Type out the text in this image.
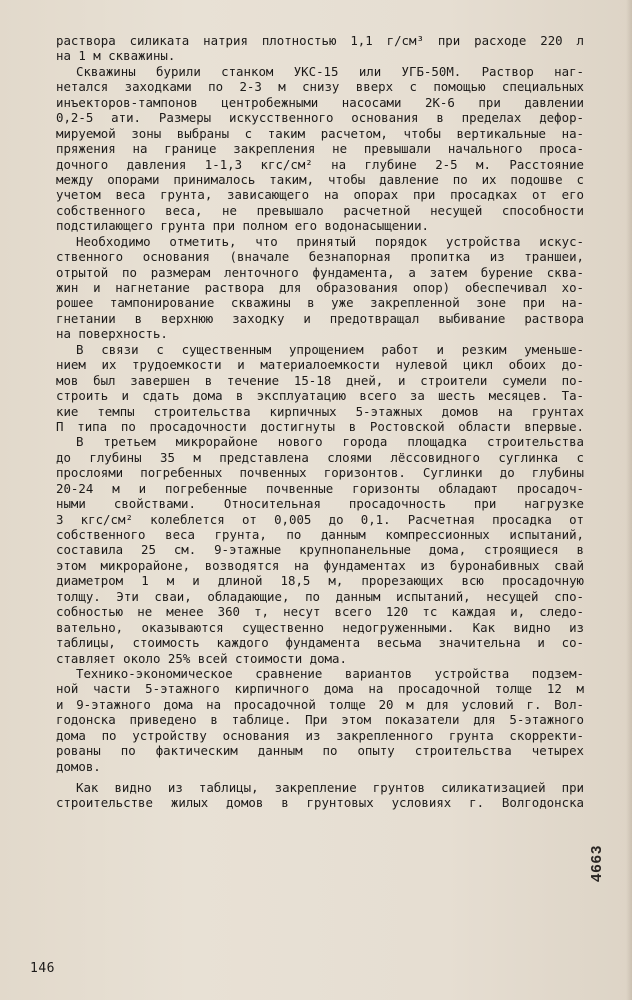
раствора силиката натрия плотностью 1,1 г/см³ при расходе 220 л
на 1 м скважины.
Скважины бурили станком УКС-15 или УГБ-50М. Раствор наг-
нетался заходками по 2-3 м снизу вверх с помощью специальных
инъекторов-тампонов центробежными насосами 2К-6 при давлении
0,2-5 ати. Размеры искусственного основания в пределах дефор-
мируемой зоны выбраны с таким расчетом, чтобы вертикальные на-
пряжения на границе закрепления не превышали начального проса-
дочного давления 1-1,3 кгс/см² на глубине 2-5 м. Расстояние
между опорами принималось таким, чтобы давление по их подошве с
учетом веса грунта, зависающего на опорах при просадках от его
собственного веса, не превышало расчетной несущей способности
подстилающего грунта при полном его водонасыщении.
Необходимо отметить, что принятый порядок устройства искус-
ственного основания (вначале безнапорная пропитка из траншеи,
отрытой по размерам ленточного фундамента, а затем бурение сква-
жин и нагнетание раствора для образования опор) обеспечивал хо-
рошее тампонирование скважины в уже закрепленной зоне при на-
гнетании в верхнюю заходку и предотвращал выбивание раствора
на поверхность.
В связи с существенным упрощением работ и резким уменьше-
нием их трудоемкости и материалоемкости нулевой цикл обоих до-
мов был завершен в течение 15-18 дней, и строители сумели по-
строить и сдать дома в эксплуатацию всего за шесть месяцев. Та-
кие темпы строительства кирпичных 5-этажных домов на грунтах
П типа по просадочности достигнуты в Ростовской области впервые.
В третьем микрорайоне нового города площадка строительства
до глубины 35 м представлена слоями лёссовидного суглинка с
прослоями погребенных почвенных горизонтов. Суглинки до глубины
20-24 м и погребенные почвенные горизонты обладают просадоч-
ными свойствами. Относительная просадочность при нагрузке
3 кгс/см² колеблется от 0,005 до 0,1. Расчетная просадка от
собственного веса грунта, по данным компрессионных испытаний,
составила 25 см. 9-этажные крупнопанельные дома, строящиеся в
этом микрорайоне, возводятся на фундаментах из буронабивных свай
диаметром 1 м и длиной 18,5 м, прорезающих всю просадочную
толщу. Эти сваи, обладающие, по данным испытаний, несущей спо-
собностью не менее 360 т, несут всего 120 тс каждая и, следо-
вательно, оказываются существенно недогруженными. Как видно из
таблицы, стоимость каждого фундамента весьма значительна и со-
ставляет около 25% всей стоимости дома.
Технико-экономическое сравнение вариантов устройства подзем-
ной части 5-этажного кирпичного дома на просадочной толще 12 м
и 9-этажного дома на просадочной толще 20 м для условий г. Вол-
годонска приведено в таблице. При этом показатели для 5-этажного
дома по устройству основания из закрепленного грунта скорректи-
рованы по фактическим данным по опыту строительства четырех
домов.
Как видно из таблицы, закрепление грунтов силикатизацией при
строительстве жилых домов в грунтовых условиях г. Волгодонска
146
4663
